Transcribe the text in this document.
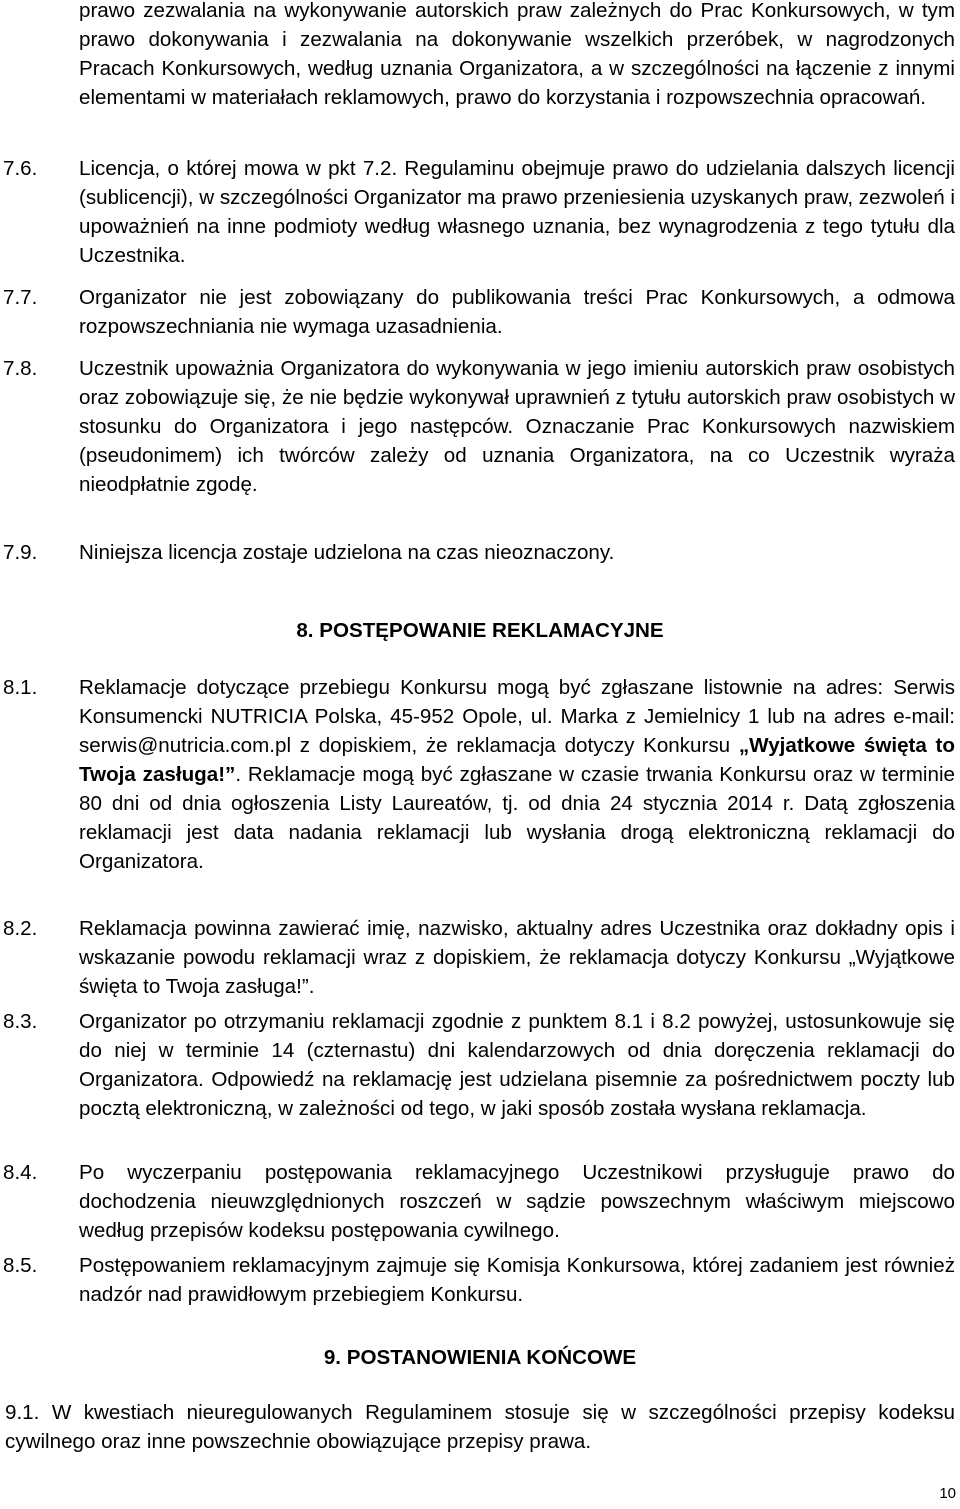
prawo zezwalania na wykonywanie autorskich praw zależnych do Prac Konkursowych, w tym prawo dokonywania i zezwalania na dokonywanie wszelkich przeróbek, w nagrodzonych Pracach Konkursowych, według uznania Organizatora, a w szczególności na łączenie z innymi elementami w materiałach reklamowych, prawo do korzystania i rozpowszechnia opracowań.
7.6. Licencja, o której mowa w pkt 7.2. Regulaminu obejmuje prawo do udzielania dalszych licencji (sublicencji), w szczególności Organizator ma prawo przeniesienia uzyskanych praw, zezwoleń i upoważnień na inne podmioty według własnego uznania, bez wynagrodzenia z tego tytułu dla Uczestnika.
7.7. Organizator nie jest zobowiązany do publikowania treści Prac Konkursowych, a odmowa rozpowszechniania nie wymaga uzasadnienia.
7.8. Uczestnik upoważnia Organizatora do wykonywania w jego imieniu autorskich praw osobistych oraz zobowiązuje się, że nie będzie wykonywał uprawnień z tytułu autorskich praw osobistych w stosunku do Organizatora i jego następców. Oznaczanie Prac Konkursowych nazwiskiem (pseudonimem) ich twórców zależy od uznania Organizatora, na co Uczestnik wyraża nieodpłatnie zgodę.
7.9. Niniejsza licencja zostaje udzielona na czas nieoznaczony.
8. POSTĘPOWANIE REKLAMACYJNE
8.1. Reklamacje dotyczące przebiegu Konkursu mogą być zgłaszane listownie na adres: Serwis Konsumencki NUTRICIA Polska, 45-952 Opole, ul. Marka z Jemielnicy 1 lub na adres e-mail: serwis@nutricia.com.pl z dopiskiem, że reklamacja dotyczy Konkursu „Wyjatkowe święta to Twoja zasługa!”. Reklamacje mogą być zgłaszane w czasie trwania Konkursu oraz w terminie 80 dni od dnia ogłoszenia Listy Laureatów, tj. od dnia 24 stycznia 2014 r. Datą zgłoszenia reklamacji jest data nadania reklamacji lub wysłania drogą elektroniczną reklamacji do Organizatora.
8.2. Reklamacja powinna zawierać imię, nazwisko, aktualny adres Uczestnika oraz dokładny opis i wskazanie powodu reklamacji wraz z dopiskiem, że reklamacja dotyczy Konkursu „Wyjątkowe święta to Twoja zasługa!”.
8.3. Organizator po otrzymaniu reklamacji zgodnie z punktem 8.1 i 8.2 powyżej, ustosunkowuje się do niej w terminie 14 (czternastu) dni kalendarzowych od dnia doręczenia reklamacji do Organizatora. Odpowiedź na reklamację jest udzielana pisemnie za pośrednictwem poczty lub pocztą elektroniczną, w zależności od tego, w jaki sposób została wysłana reklamacja.
8.4. Po wyczerpaniu postępowania reklamacyjnego Uczestnikowi przysługuje prawo do dochodzenia nieuwzględnionych roszczeń w sądzie powszechnym właściwym miejscowo według przepisów kodeksu postępowania cywilnego.
8.5. Postępowaniem reklamacyjnym zajmuje się Komisja Konkursowa, której zadaniem jest również nadzór nad prawidłowym przebiegiem Konkursu.
9. POSTANOWIENIA KOŃCOWE
9.1. W kwestiach nieuregulowanych Regulaminem stosuje się w szczególności przepisy kodeksu cywilnego oraz inne powszechnie obowiązujące przepisy prawa.
10
